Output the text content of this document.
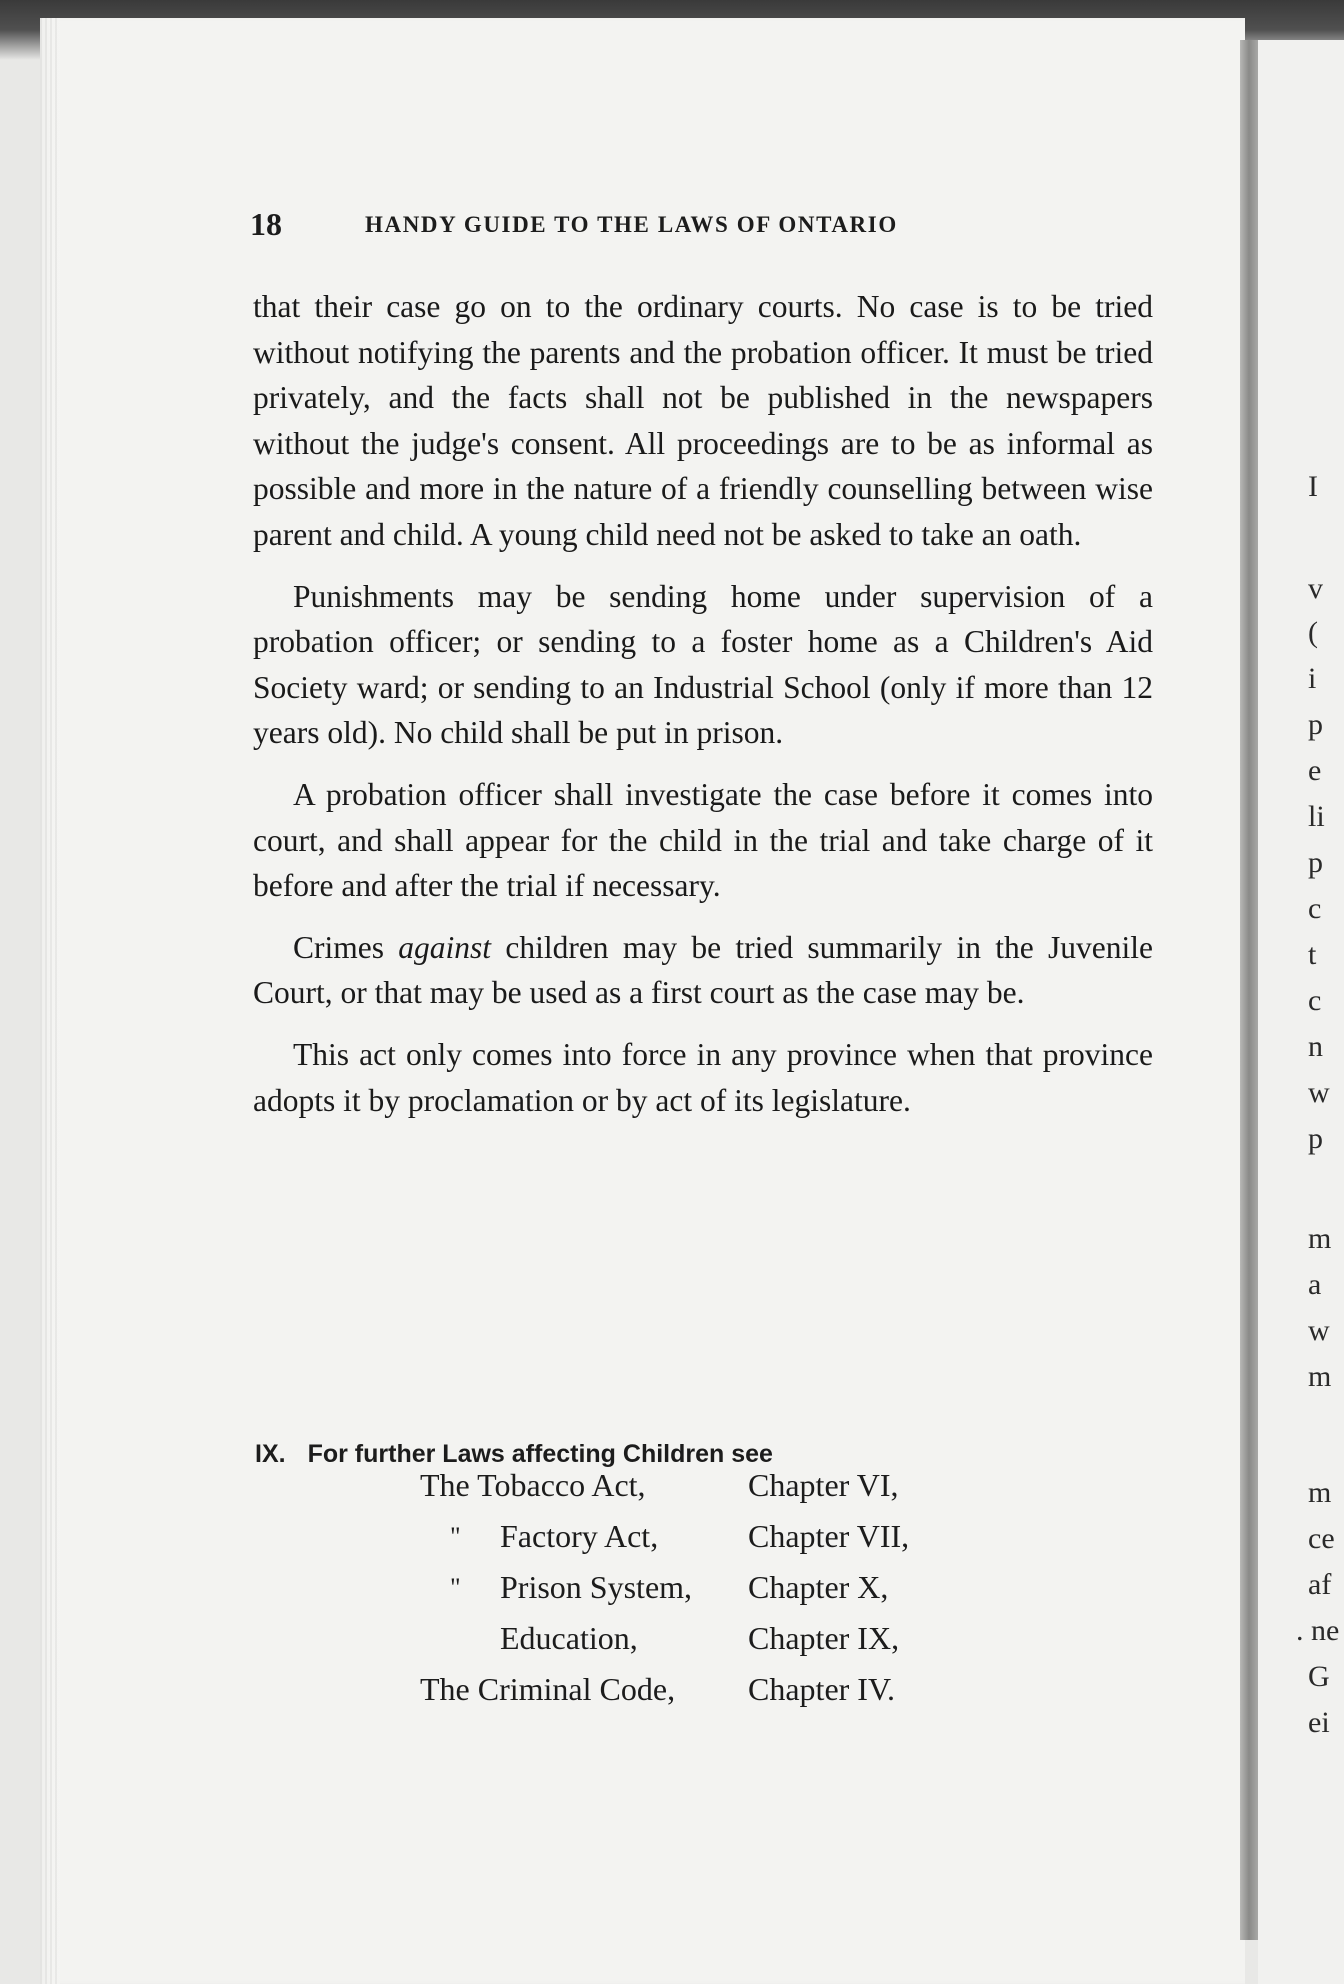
I
v
(
i
p
e
li
p
c
t
c
n
w
p
m
a
w
m
m
ce
af
. ne
G
ei
18	HANDY GUIDE TO THE LAWS OF ONTARIO

that their case go on to the ordinary courts. No case is to be tried without notifying the parents and the probation officer. It must be tried privately, and the facts shall not be published in the newspapers without the judge's consent. All proceedings are to be as informal as possible and more in the nature of a friendly counselling between wise parent and child. A young child need not be asked to take an oath.

Punishments may be sending home under supervision of a probation officer; or sending to a foster home as a Children's Aid Society ward; or sending to an Industrial School (only if more than 12 years old). No child shall be put in prison.

A probation officer shall investigate the case before it comes into court, and shall appear for the child in the trial and take charge of it before and after the trial if necessary.

Crimes against children may be tried summarily in the Juvenile Court, or that may be used as a first court as the case may be.

This act only comes into force in any province when that province adopts it by proclamation or by act of its legislature.

IX. For further Laws affecting Children see
The Tobacco Act,	Chapter VI,
" Factory Act,	Chapter VII,
" Prison System, Chapter X,
Education,	Chapter IX,
The Criminal Code, Chapter IV.
